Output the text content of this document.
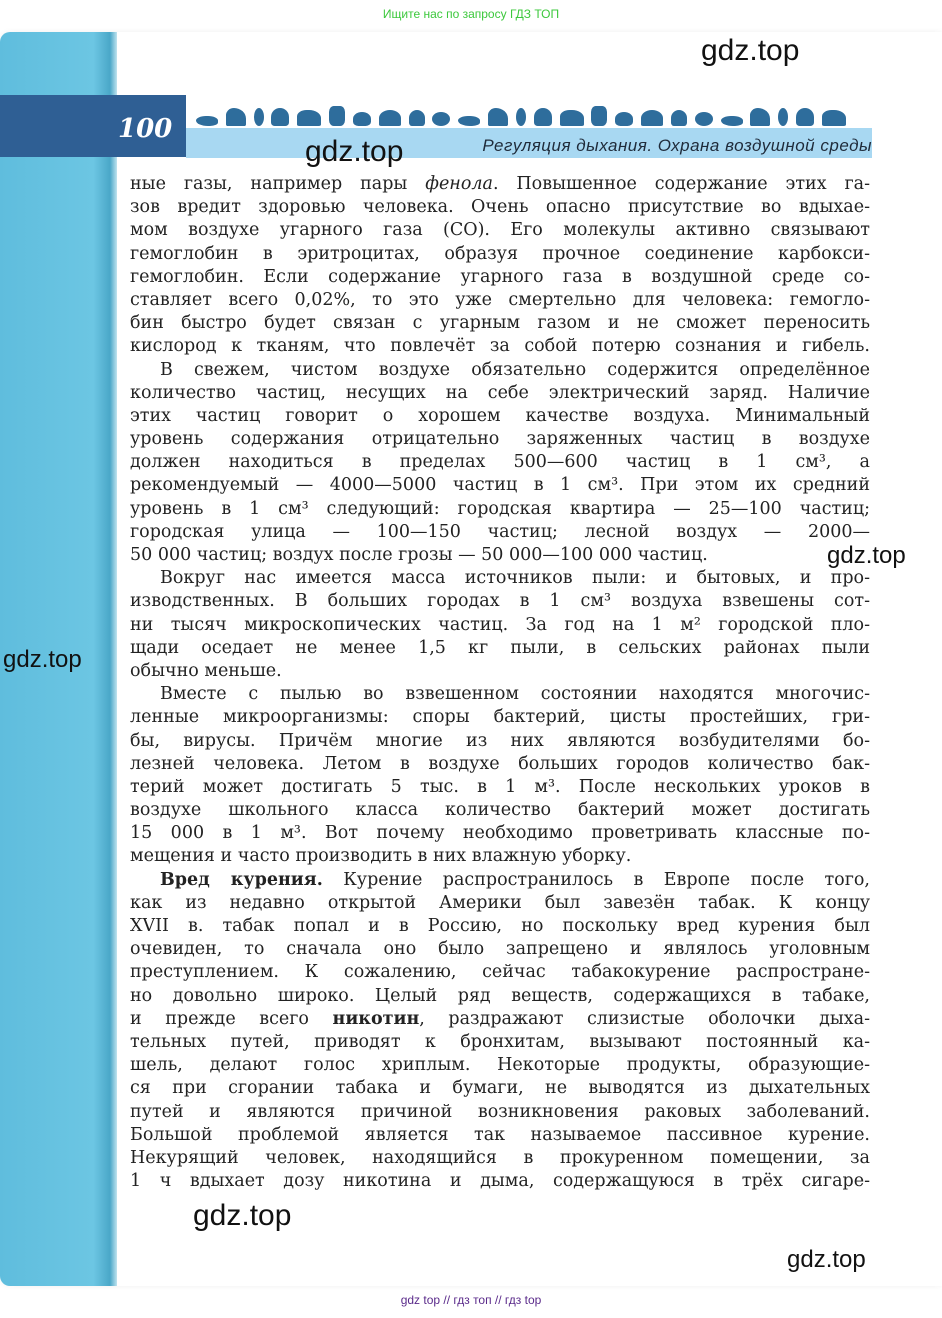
Ищите нас по запросу ГДЗ ТОП
100
Регуляция дыхания. Охрана воздушной среды
ные газы, например пары фенола. Повышенное содержание этих га-
зов вредит здоровью человека. Очень опасно присутствие во вдыхае-
мом воздухе угарного газа (CO). Его молекулы активно связывают
гемоглобин в эритроцитах, образуя прочное соединение карбокси-
гемоглобин. Если содержание угарного газа в воздушной среде со-
ставляет всего 0,02%, то это уже смертельно для человека: гемогло-
бин быстро будет связан с угарным газом и не сможет переносить
кислород к тканям, что повлечёт за собой потерю сознания и гибель.
В свежем, чистом воздухе обязательно содержится определённое
количество частиц, несущих на себе электрический заряд. Наличие
этих частиц говорит о хорошем качестве воздуха. Минимальный
уровень содержания отрицательно заряженных частиц в воздухе
должен находиться в пределах 500—600 частиц в 1 см³, а
рекомендуемый — 4000—5000 частиц в 1 см³. При этом их средний
уровень в 1 см³ следующий: городская квартира — 25—100 частиц;
городская улица — 100—150 частиц; лесной воздух — 2000—
50 000 частиц; воздух после грозы — 50 000—100 000 частиц.
Вокруг нас имеется масса источников пыли: и бытовых, и про-
изводственных. В больших городах в 1 см³ воздуха взвешены сот-
ни тысяч микроскопических частиц. За год на 1 м² городской пло-
щади оседает не менее 1,5 кг пыли, в сельских районах пыли
обычно меньше.
Вместе с пылью во взвешенном состоянии находятся многочис-
ленные микроорганизмы: споры бактерий, цисты простейших, гри-
бы, вирусы. Причём многие из них являются возбудителями бо-
лезней человека. Летом в воздухе больших городов количество бак-
терий может достигать 5 тыс. в 1 м³. После нескольких уроков в
воздухе школьного класса количество бактерий может достигать
15 000 в 1 м³. Вот почему необходимо проветривать классные по-
мещения и часто производить в них влажную уборку.
Вред курения. Курение распространилось в Европе после того,
как из недавно открытой Америки был завезён табак. К концу
XVII в. табак попал и в Россию, но поскольку вред курения был
очевиден, то сначала оно было запрещено и являлось уголовным
преступлением. К сожалению, сейчас табакокурение распростране-
но довольно широко. Целый ряд веществ, содержащихся в табаке,
и прежде всего никотин, раздражают слизистые оболочки дыха-
тельных путей, приводят к бронхитам, вызывают постоянный ка-
шель, делают голос хриплым. Некоторые продукты, образующие-
ся при сгорании табака и бумаги, не выводятся из дыхательных
путей и являются причиной возникновения раковых заболеваний.
Большой проблемой является так называемое пассивное курение.
Некурящий человек, находящийся в прокуренном помещении, за
1 ч вдыхает дозу никотина и дыма, содержащуюся в трёх сигаре-
gdz.top
gdz.top
gdz.top
gdz.top
gdz.top
gdz.top
gdz top // гдз топ // гдз top
